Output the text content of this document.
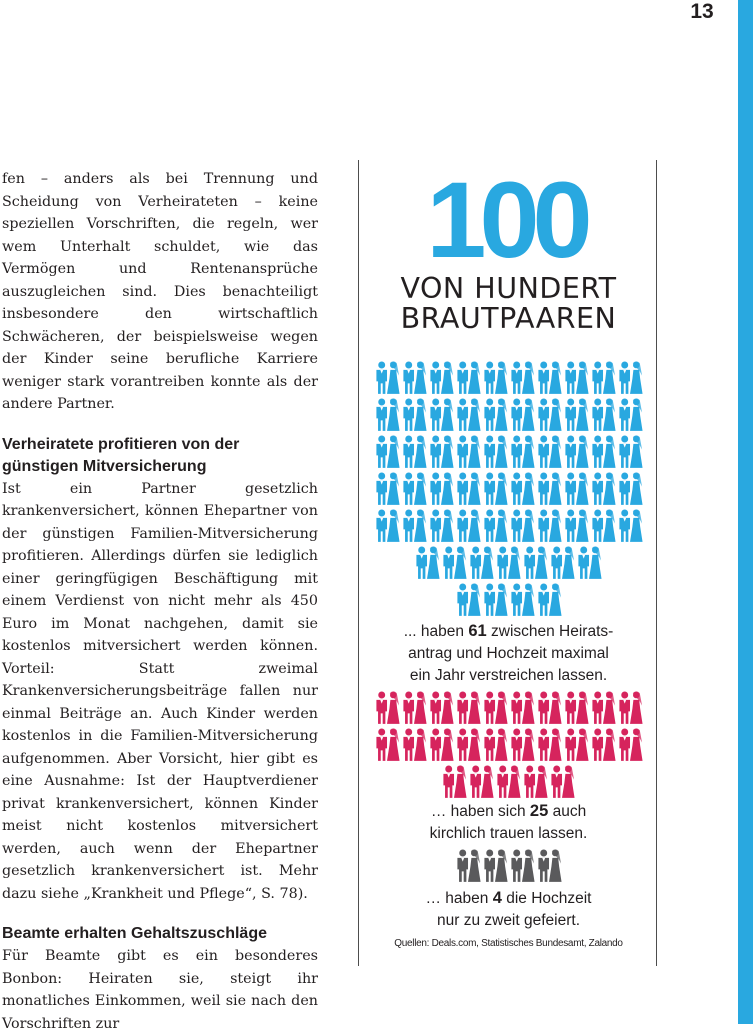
13

fen – anders als bei Trennung und Scheidung von Verheirateten – keine speziellen Vorschriften, die regeln, wer wem Unterhalt schuldet, wie das Vermögen und Rentenansprüche auszugleichen sind. Dies benachteiligt insbesondere den wirtschaftlich Schwächeren, der beispielsweise wegen der Kinder seine berufliche Karriere weniger stark vorantreiben konnte als der andere Partner.

Verheiratete profitieren von der
günstigen Mitversicherung

Ist ein Partner gesetzlich krankenversichert, können Ehepartner von der günstigen Familien-Mitversicherung profitieren. Allerdings dürfen sie lediglich einer geringfügigen Beschäftigung mit einem Verdienst von nicht mehr als 450 Euro im Monat nachgehen, damit sie kostenlos mitversichert werden können. Vorteil: Statt zweimal Krankenversicherungsbeiträge fallen nur einmal Beiträge an. Auch Kinder werden kostenlos in die Familien-Mitversicherung aufgenommen. Aber Vorsicht, hier gibt es eine Ausnahme: Ist der Hauptverdiener privat krankenversichert, können Kinder meist nicht kostenlos mitversichert werden, auch wenn der Ehepartner gesetzlich krankenversichert ist. Mehr dazu siehe „Krankheit und Pflege“, S. 78).

Beamte erhalten Gehaltszuschläge

Für Beamte gibt es ein besonderes Bonbon: Heiraten sie, steigt ihr monatliches Einkommen, weil sie nach den Vorschriften zur

100
VON HUNDERT
BRAUTPAAREN
... haben 61 zwischen Heirats-
antrag und Hochzeit maximal
ein Jahr verstreichen lassen.
… haben sich 25 auch
kirchlich trauen lassen.
… haben 4 die Hochzeit
nur zu zweit gefeiert.
Quellen: Deals.com, Statistisches Bundesamt, Zalando
